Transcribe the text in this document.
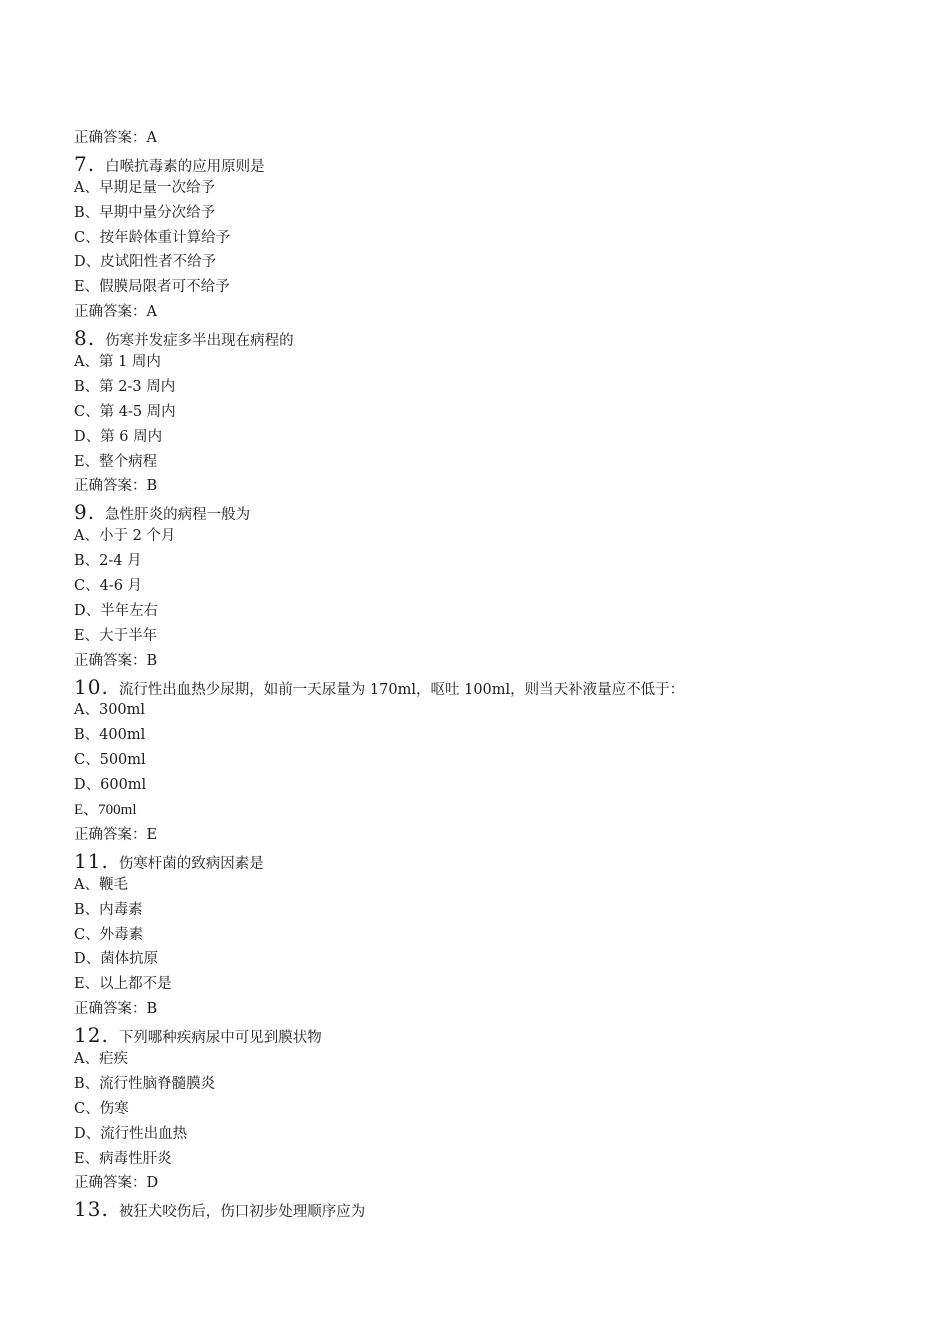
正确答案：A
7. 白喉抗毒素的应用原则是
A、早期足量一次给予
B、早期中量分次给予
C、按年龄体重计算给予
D、皮试阳性者不给予
E、假膜局限者可不给予
正确答案：A
8. 伤寒并发症多半出现在病程的
A、第 1 周内
B、第 2-3 周内
C、第 4-5 周内
D、第 6 周内
E、整个病程
正确答案：B
9. 急性肝炎的病程一般为
A、小于 2 个月
B、2-4 月
C、4-6 月
D、半年左右
E、大于半年
正确答案：B
10. 流行性出血热少尿期，如前一天尿量为 170ml，呕吐 100ml，则当天补液量应不低于：
A、300ml
B、400ml
C、500ml
D、600ml
E、700ml
正确答案：E
11. 伤寒杆菌的致病因素是
A、鞭毛
B、内毒素
C、外毒素
D、菌体抗原
E、以上都不是
正确答案：B
12. 下列哪种疾病尿中可见到膜状物
A、疟疾
B、流行性脑脊髓膜炎
C、伤寒
D、流行性出血热
E、病毒性肝炎
正确答案：D
13. 被狂犬咬伤后，伤口初步处理顺序应为
